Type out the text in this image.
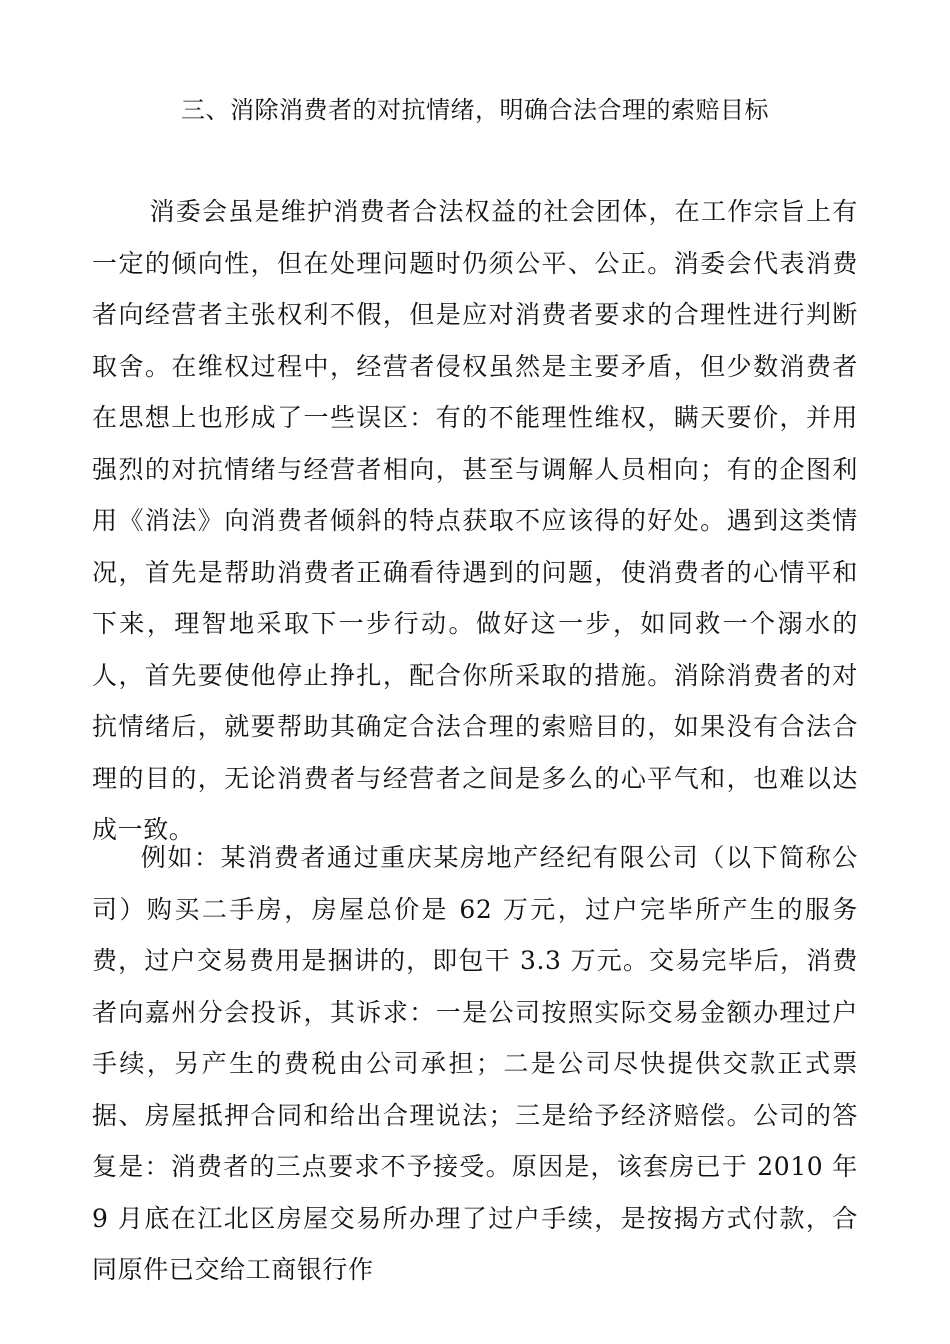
三、消除消费者的对抗情绪，明确合法合理的索赔目标
消委会虽是维护消费者合法权益的社会团体，在工作宗旨上有一定的倾向性，但在处理问题时仍须公平、公正。消委会代表消费者向经营者主张权利不假，但是应对消费者要求的合理性进行判断取舍。在维权过程中，经营者侵权虽然是主要矛盾，但少数消费者在思想上也形成了一些误区：有的不能理性维权，瞒天要价，并用强烈的对抗情绪与经营者相向，甚至与调解人员相向；有的企图利用《消法》向消费者倾斜的特点获取不应该得的好处。遇到这类情况，首先是帮助消费者正确看待遇到的问题，使消费者的心情平和下来，理智地采取下一步行动。做好这一步，如同救一个溺水的人，首先要使他停止挣扎，配合你所采取的措施。消除消费者的对抗情绪后，就要帮助其确定合法合理的索赔目的，如果没有合法合理的目的，无论消费者与经营者之间是多么的心平气和，也难以达成一致。
例如：某消费者通过重庆某房地产经纪有限公司（以下简称公司）购买二手房，房屋总价是 62 万元，过户完毕所产生的服务费，过户交易费用是捆讲的，即包干 3.3 万元。交易完毕后，消费者向嘉州分会投诉，其诉求：一是公司按照实际交易金额办理过户手续，另产生的费税由公司承担；二是公司尽快提供交款正式票据、房屋抵押合同和给出合理说法；三是给予经济赔偿。公司的答复是：消费者的三点要求不予接受。原因是，该套房已于 2010 年 9 月底在江北区房屋交易所办理了过户手续，是按揭方式付款，合同原件已交给工商银行作
